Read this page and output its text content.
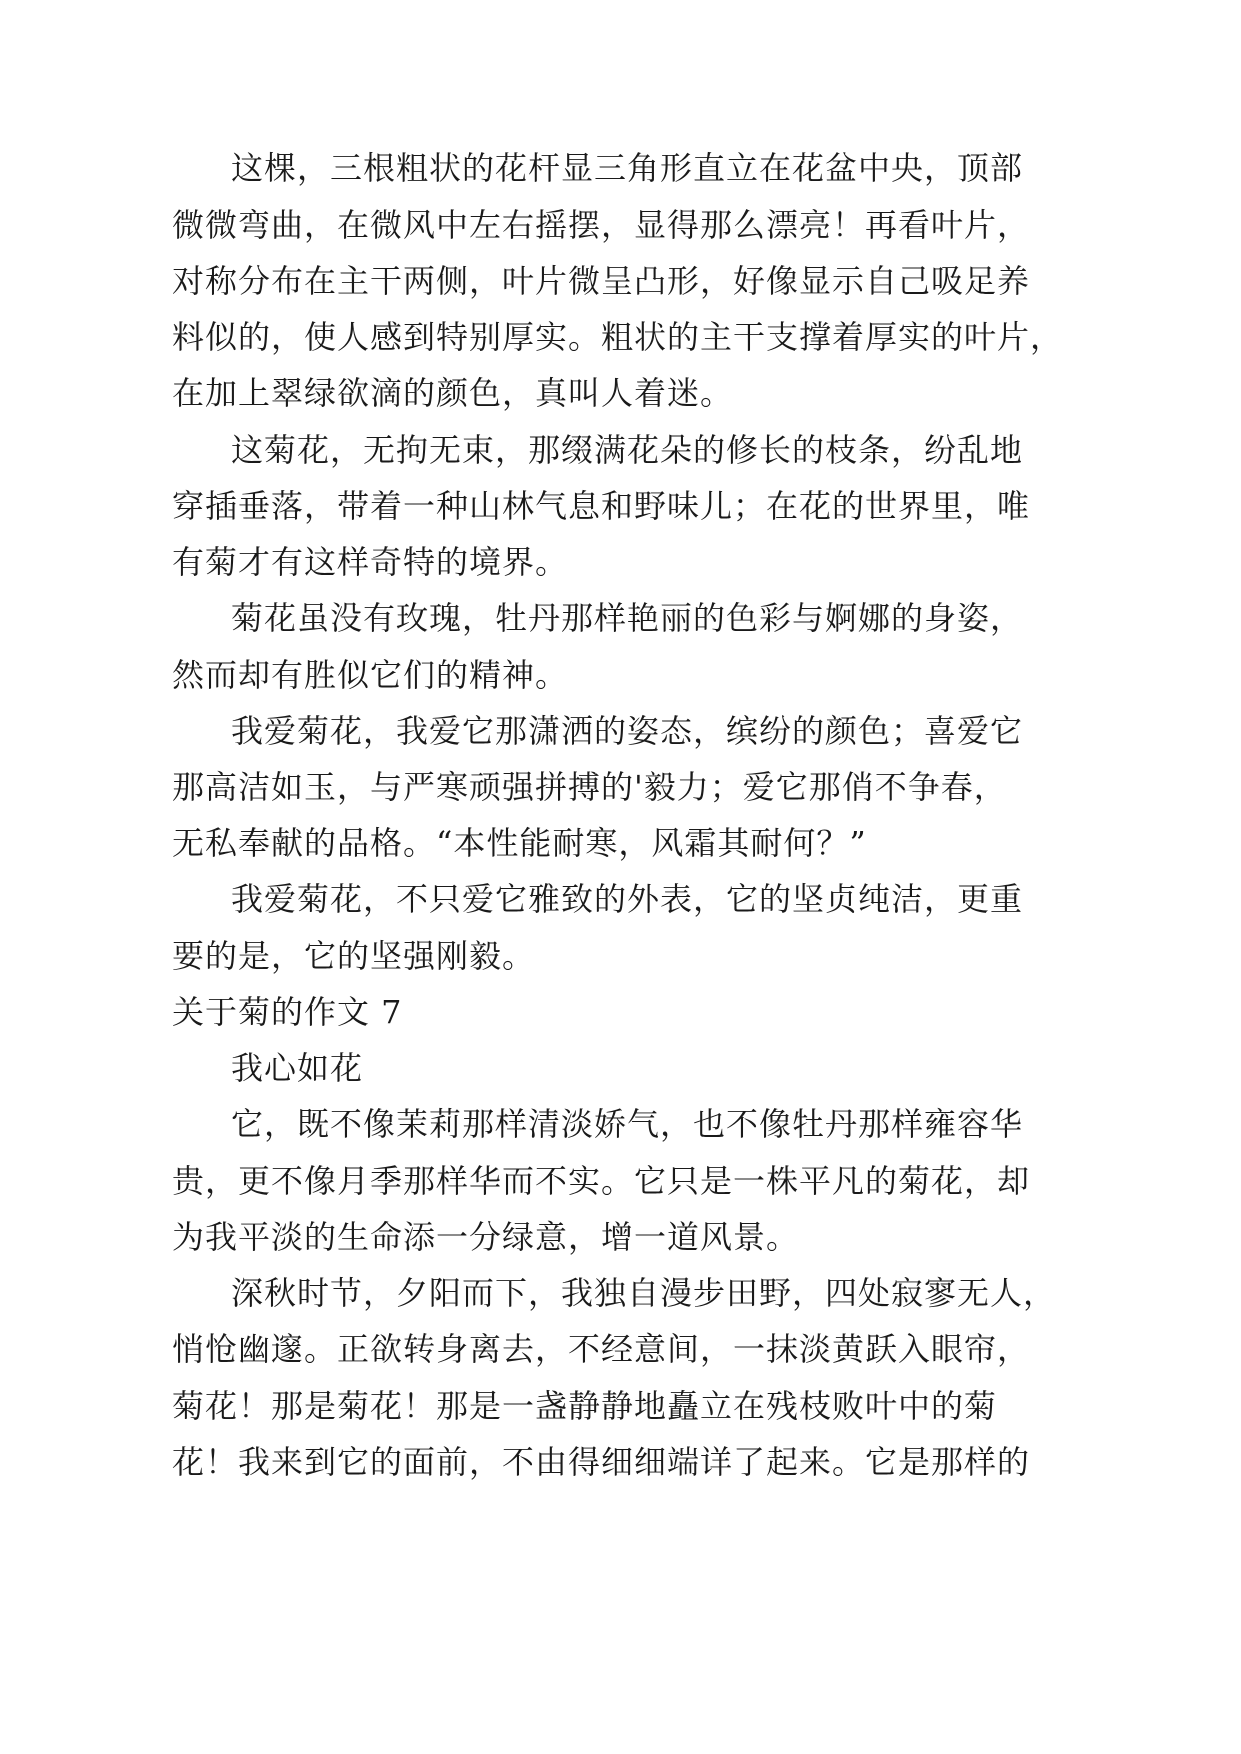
这棵，三根粗状的花杆显三角形直立在花盆中央，顶部

微微弯曲，在微风中左右摇摆，显得那么漂亮！再看叶片，

对称分布在主干两侧，叶片微呈凸形，好像显示自己吸足养

料似的，使人感到特别厚实。粗状的主干支撑着厚实的叶片，

在加上翠绿欲滴的颜色，真叫人着迷。

这菊花，无拘无束，那缀满花朵的修长的枝条，纷乱地

穿插垂落，带着一种山林气息和野味儿；在花的世界里，唯

有菊才有这样奇特的境界。

菊花虽没有玫瑰，牡丹那样艳丽的色彩与婀娜的身姿，

然而却有胜似它们的精神。

我爱菊花，我爱它那潇洒的姿态，缤纷的颜色；喜爱它

那高洁如玉，与严寒顽强拼搏的'毅力；爱它那俏不争春，

无私奉献的品格。“本性能耐寒，风霜其耐何？”

我爱菊花，不只爱它雅致的外表，它的坚贞纯洁，更重

要的是，它的坚强刚毅。

关于菊的作文 7

我心如花

它，既不像茉莉那样清淡娇气，也不像牡丹那样雍容华

贵，更不像月季那样华而不实。它只是一株平凡的菊花，却

为我平淡的生命添一分绿意，增一道风景。

深秋时节，夕阳而下，我独自漫步田野，四处寂寥无人，

悄怆幽邃。正欲转身离去，不经意间，一抹淡黄跃入眼帘，

菊花！那是菊花！那是一盏静静地矗立在残枝败叶中的菊

花！我来到它的面前，不由得细细端详了起来。它是那样的
